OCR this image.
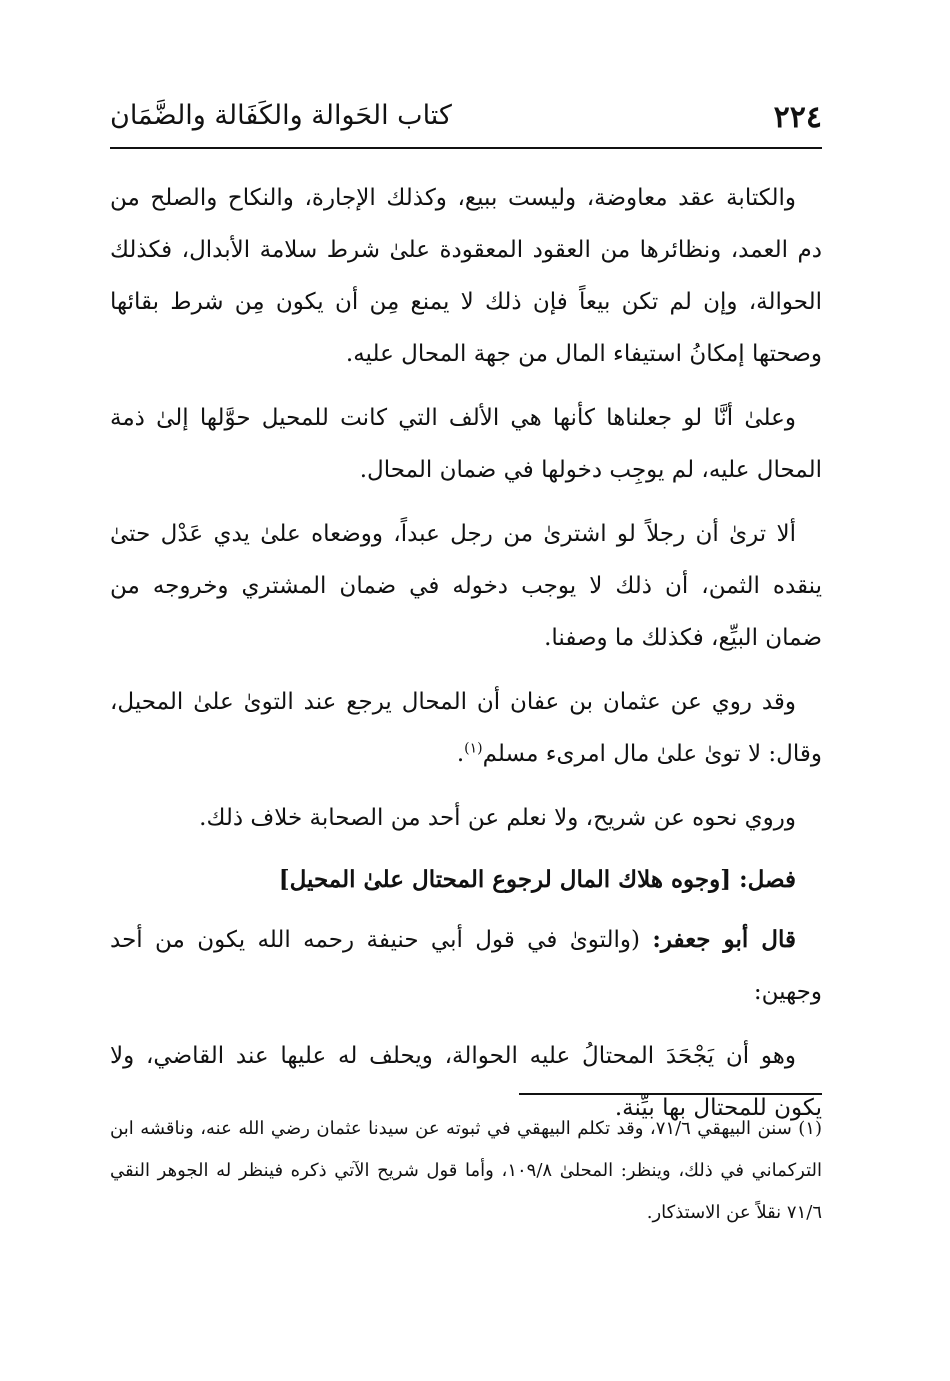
٢٢٤
كتاب الحَوالة والكَفَالة والضَّمَان

والكتابة عقد معاوضة، وليست ببيع، وكذلك الإجارة، والنكاح والصلح من دم العمد، ونظائرها من العقود المعقودة علىٰ شرط سلامة الأبدال، فكذلك الحوالة، وإن لم تكن بيعاً فإن ذلك لا يمنع مِن أن يكون مِن شرط بقائها وصحتها إمكانُ استيفاء المال من جهة المحال عليه.

وعلىٰ أنَّا لو جعلناها كأنها هي الألف التي كانت للمحيل حوَّلها إلىٰ ذمة المحال عليه، لم يوجِب دخولها في ضمان المحال.

ألا ترىٰ أن رجلاً لو اشترىٰ من رجل عبداً، ووضعاه علىٰ يدي عَدْل حتىٰ ينقده الثمن، أن ذلك لا يوجب دخوله في ضمان المشتري وخروجه من ضمان البيِّع، فكذلك ما وصفنا.

وقد روي عن عثمان بن عفان أن المحال يرجع عند التوىٰ علىٰ المحيل، وقال: لا توىٰ علىٰ مال امرىء مسلم$^{(١)}$.

وروي نحوه عن شريح، ولا نعلم عن أحد من الصحابة خلاف ذلك.

فصل: [وجوه هلاك المال لرجوع المحتال علىٰ المحيل]

قال أبو جعفر: (والتوىٰ في قول أبي حنيفة رحمه الله يكون من أحد وجهين:

وهو أن يَجْحَدَ المحتالُ عليه الحوالة، ويحلف له عليها عند القاضي، ولا يكون للمحتال بها بيِّنة.

(١) سنن البيهقي ٧١/٦، وقد تكلم البيهقي في ثبوته عن سيدنا عثمان رضي الله عنه، وناقشه ابن التركماني في ذلك، وينظر: المحلىٰ ١٠٩/٨، وأما قول شريح الآتي ذكره فينظر له الجوهر النقي ٧١/٦ نقلاً عن الاستذكار.
